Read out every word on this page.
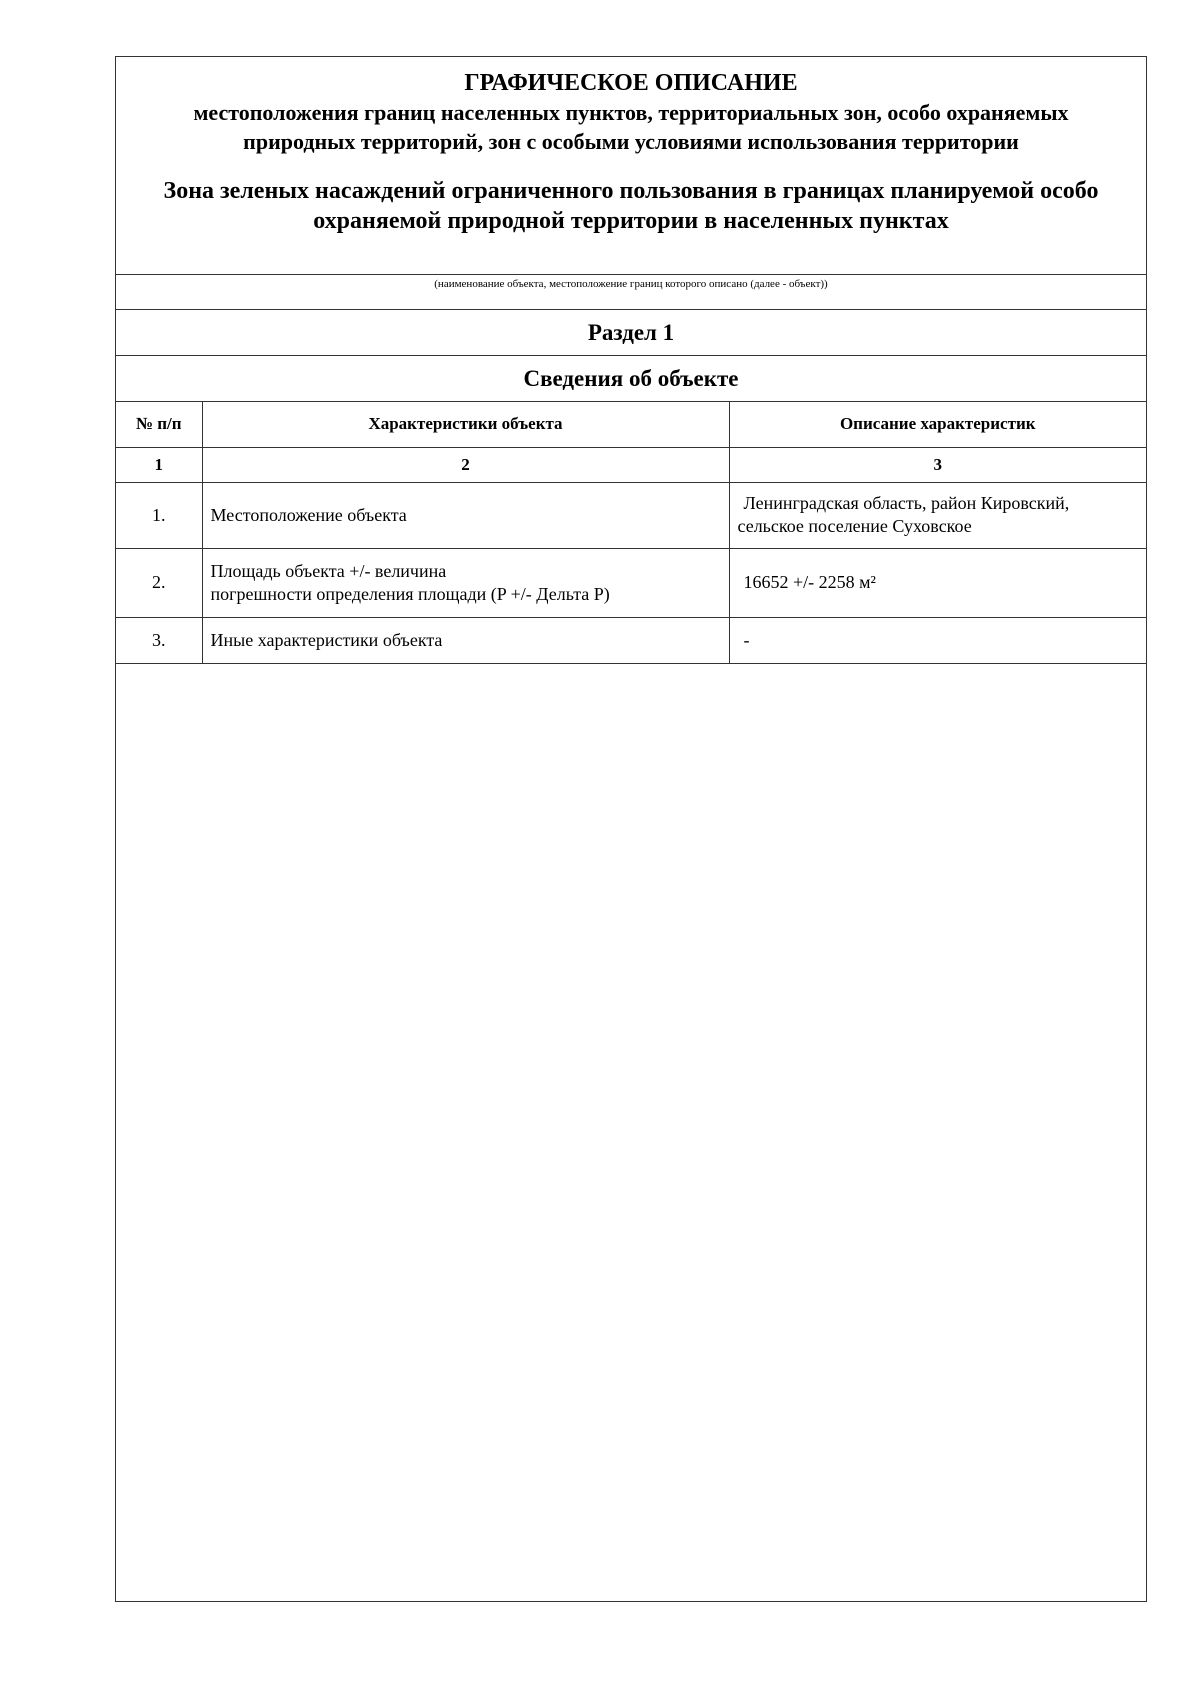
ГРАФИЧЕСКОЕ ОПИСАНИЕ
местоположения границ населенных пунктов, территориальных зон, особо охраняемых природных территорий, зон с особыми условиями использования территории
Зона зеленых насаждений ограниченного пользования в границах планируемой особо охраняемой природной территории в населенных пунктах
(наименование объекта, местоположение границ которого описано (далее - объект))
Раздел 1
Сведения об объекте
№ п/п	Характеристики объекта	Описание характеристик
1	2	3
1.	Местоположение объекта	Ленинградская область, район Кировский,
сельское поселение Суховское

2.	Площадь объекта +/- величина
погрешности определения площади (P +/- Дельта P)	16652 +/- 2258 м²

3.	Иные характеристики объекта	-
